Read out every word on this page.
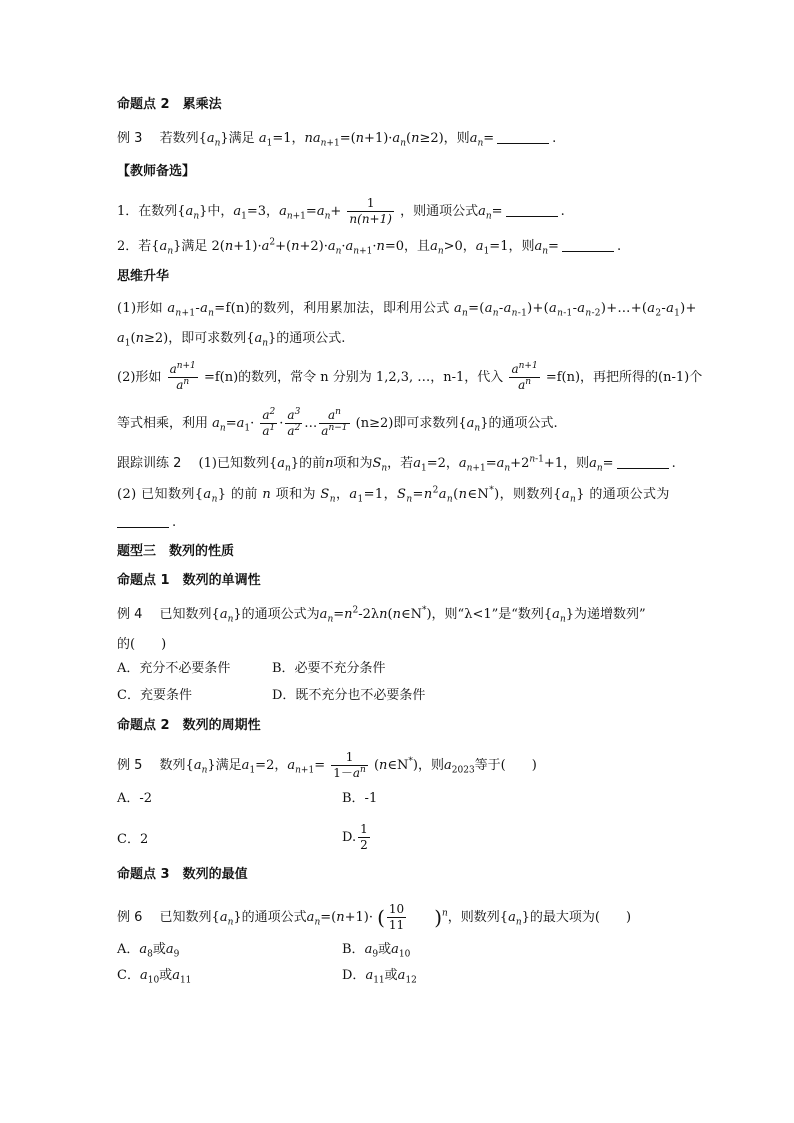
命题点 2　累乘法
例 3 　 若数列$\{a_n\}$满足 $a_1=1$，$na_{n+1}=(n+1)\cdot a_n(n\ge 2)$，则$a_n=$	.
【教师备选】
1．在数列$\{a_n\}$中，$a_1=3$，$a_{n+1}=a_n+ \frac{1}{n(n+1)}$ ，则通项公式$a_n=$	.
2．若$\{a_n\}$满足 $2(n+1)\cdot a^2+(n+2)\cdot a_n\cdot a_{n+1}\cdot n=0$，且$a_n>0$，$a_1=1$，则$a_n=$	.
思维升华
(1)形如 $a_{n+1}-a_n=f(n)$的数列，利用累加法，即利用公式 $a_n=(a_n-a_{n-1})+(a_{n-1}-a_{n-2})+\dots+(a_2-a_1)+$
$a_1(n\ge 2)$，即可求数列$\{a_n\}$的通项公式.
(2)形如 $\frac{a^{n+1}}{a^n} =f(n)$的数列，常令 n 分别为 1,2,3, …，n-1，代入 $\frac{a^{n+1}}{a^n} =f(n)$，再把所得的(n-1)个
等式相乘，利用 $a_n=a_1\cdot \frac{a^2}{a^1} \cdot \frac{a^3}{a^2}$ … $\frac{a^n}{a^{n-1}} (n\ge 2)$即可求数列$\{a_n\}$的通项公式.
跟踪训练 2　 (1)已知数列$\{a_n\}$的前n项和为$S_n$，若$a_1=2$，$a_{n+1}=a_n+2^{n-1}+1$，则$a_n=$	.
(2) 已知数列$\{a_n\}$ 的前 n 项和为 $S_n$，$a_1=1$，$S_n=n^2a_n(n\in N^*)$，则数列$\{a_n\}$ 的通项公式为
.
题型三　数列的性质
命题点 1　数列的单调性
例 4　 已知数列$\{a_n\}$的通项公式为$a_n=n^2-2\lambda n(n\in N^*)$，则“λ<1”是“数列$\{a_n\}$为递增数列”
的(　　)
A．充分不必要条件	B．必要不充分条件
C．充要条件	D．既不充分也不必要条件
命题点 2　数列的周期性
例 5　 数列$\{a_n\}$满足$a_1=2$，$a_{n+1}= \frac{1}{1-a^n}$ (n∈N*)，则$a_{2023}$等于(　　)
A．-2	B．-1
C．2	D. $\frac{1}{2}$
命题点 3　数列的最值
例 6　 已知数列$\{a_n\}$的通项公式$a_n=(n+1)\cdot$ ( $\frac{10}{11} )^n$，则数列$\{a_n\}$的最大项为(　　)
A．$a_8$或$a_9$	B．$a_9$或$a_{10}$
C．$a_{10}$或$a_{11}$	D．$a_{11}$或$a_{12}$
